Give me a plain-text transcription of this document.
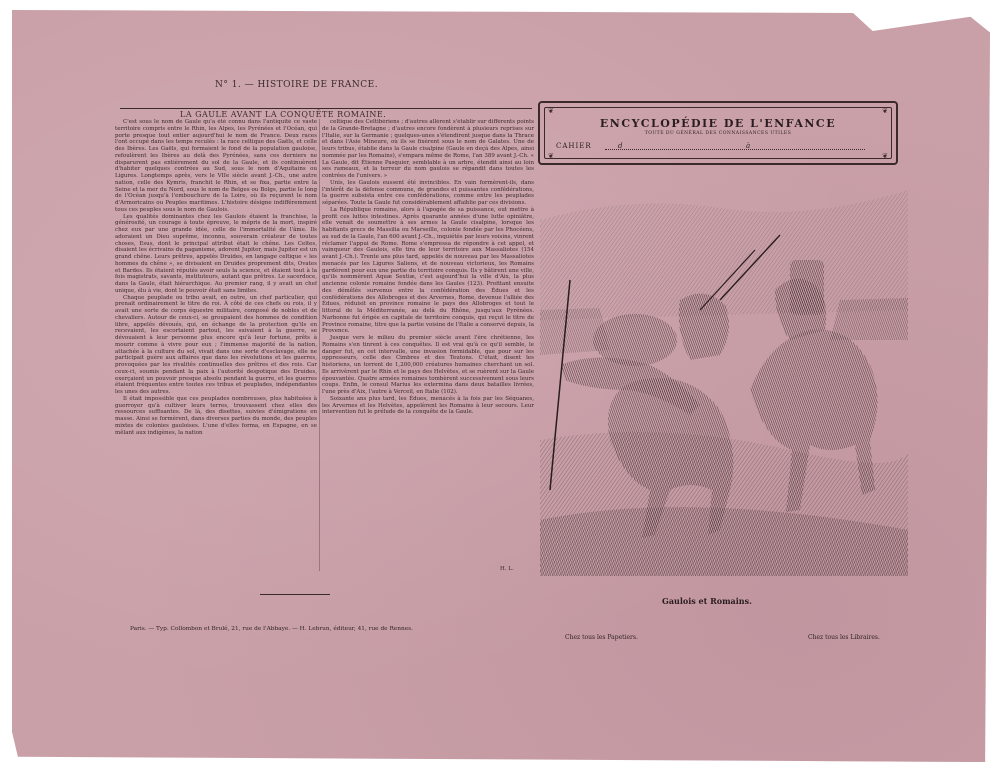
N° 1. — HISTOIRE DE FRANCE.
LA GAULE AVANT LA CONQUÊTE ROMAINE.

C'est sous le nom de Gaule qu'a été connu dans l'antiquité ce vaste territoire compris entre le Rhin, les Alpes, les Pyrénées et l'Océan, qui porte presque tout entier aujourd'hui le nom de France. Deux races l'ont occupé dans les temps reculés : la race celtique des Gaëls, et celle des Ibères. Les Gaëls, qui formaient le fond de la population gauloise, refoulèrent les Ibères au delà des Pyrénées, sans ces derniers ne disparurent pas entièrement du sol de la Gaule, et ils continuèrent d'habiter quelques contrées au Sud, sous le nom d'Aquitains ou Ligures. Longtemps après, vers le VIIe siècle avant J.-Ch., une autre nation, celle des Kymris, franchit le Rhin, et se fixa, partie entre la Seine et la mer du Nord, sous le nom de Belges ou Bolgs, partie le long de l'Océan jusqu'à l'embouchure de la Loire, où ils reçurent le nom d'Armoricains ou Peuples maritimes. L'histoire désigne indifféremment tous ces peuples sous le nom de Gaulois.

Les qualités dominantes chez les Gaulois étaient la franchise, la générosité, un courage à toute épreuve, le mépris de la mort, inspiré chez eux par une grande idée, celle de l'immortalité de l'âme. Ils adoraient un Dieu suprême, inconnu, souverain créateur de toutes choses, Esus, dont le principal attribut était le chêne. Les Celtes, disaient les écrivains du paganisme, adorent Jupiter, mais Jupiter est un grand chêne. Leurs prêtres, appelés Druides, en langage celtique « les hommes du chêne », se divisaient en Druides proprement dits, Ovates et Bardes. Ils étaient réputés avoir seuls la science, et étaient tout à la fois magistrats, savants, instituteurs, autant que prêtres. Le sacerdoce, dans la Gaule, était hiérarchique. Au premier rang, il y avait un chef unique, élu à vie, dont le pouvoir était sans limites.

Chaque peuplade ou tribu avait, en outre, un chef particulier, qui prenait ordinairement le titre de roi. À côté de ces chefs ou rois, il y avait une sorte de corps équestre militaire, composé de nobles et de chevaliers. Autour de ceux-ci, se groupaient des hommes de condition libre, appelés dévoués, qui, en échange de la protection qu'ils en recevaient, les escortaient partout, les suivaient à la guerre, se dévouaient à leur personne plus encore qu'à leur fortune, prêts à mourir comme à vivre pour eux ; l'immense majorité de la nation, attachée à la culture du sol, vivait dans une sorte d'esclavage, elle ne participait guère aux affaires que dans les révolutions et les guerres, provoquées par les rivalités continuelles des prêtres et des rois. Car ceux-ci, soumis pendant la paix à l'autorité despotique des Druides, exerçaient un pouvoir presque absolu pendant la guerre, et les guerres étaient fréquentes entre toutes ces tribus et peuplades, indépendantes les unes des autres.

Il était impossible que ces peuplades nombreuses, plus habituées à guerroyer qu'à cultiver leurs terres, trouvassent chez elles des ressources suffisantes. De là, des disettes, suivies d'émigrations en masse. Ainsi se formèrent, dans diverses parties du monde, des peuples mixtes de colonies gauloises. L'une d'elles forma, en Espagne, en se mêlant aux indigènes, la nation

celtique des Celtibériens ; d'autres allèrent s'établir sur différents points de la Grande-Bretagne ; d'autres encore fondèrent à plusieurs reprises sur l'Italie, sur la Germanie ; quelques-unes s'étendirent jusque dans la Thrace et dans l'Asie Mineure, où ils se fixèrent sous le nom de Galates. Une de leurs tribus, établie dans la Gaule cisalpine (Gaule en deçà des Alpes, ainsi nommée par les Romains), s'empara même de Rome, l'an 389 avant J.-Ch. « La Gaule, dit Étienne Pasquier, semblable à un arbre, étendit ainsi au loin ses rameaux, et la terreur du nom gaulois se répandit dans toutes les contrées de l'univers. »

Unis, les Gaulois eussent été invincibles. En vain formèrent-ils, dans l'intérêt de la défense commune, de grandes et puissantes confédérations, la guerre subsista entre ces confédérations, comme entre les peuplades séparées. Toute la Gaule fut considérablement affaiblie par ces divisions.

La République romaine, alors à l'apogée de sa puissance, eut mettre à profit ces luttes intestines. Après quarante années d'une lutte opiniâtre, elle venait de soumettre à ses armes la Gaule cisalpine, lorsque les habitants grecs de Massilia ou Marseille, colonie fondée par les Phocéens, au sud de la Gaule, l'an 600 avant J.-Ch., inquiétés par leurs voisins, vinrent réclamer l'appui de Rome. Rome s'empressa de répondre à cet appel, et vainqueur des Gaulois, elle tira de leur territoire aux Massaliotes (154 avant J.-Ch.). Trente ans plus tard, appelés de nouveau par les Massaliotes menacés par les Ligures Saliens, et de nouveau victorieux, les Romains gardèrent pour eux une partie du territoire conquis. Ils y bâtirent une ville, qu'ils nommèrent Aquæ Sextiæ, c'est aujourd'hui la ville d'Aix, la plus ancienne colonie romaine fondée dans les Gaules (123). Profitant ensuite des démêlés survenus entre la confédération des Édues et les confédérations des Allobroges et des Arvernes, Rome, devenue l'alliée des Édues, réduisit en province romaine le pays des Allobroges et tout le littoral de la Méditerranée, au delà du Rhône, jusqu'aux Pyrénées. Narbonne fut érigée en capitale de territoire conquis, qui reçut le titre de Province romaine, titre que la partie voisine de l'Italie a conservé depuis, la Provence.

Jusque vers le milieu du premier siècle avant l'ère chrétienne, les Romains s'en tinrent à ces conquêtes. Il est vrai qu'à ce qu'il semble, le danger fut, en cet intervalle, une invasion formidable, que pour sur les oppresseurs, celle des Cimbres et des Teutons. C'était, disent les historiens, un torrent de 1,200,000 créatures humaines cherchant un sol. Ils arrivèrent par le Rhin et le pays des Helvètes, et se ruèrent sur la Gaule épouvantée. Quatre armées romaines tombèrent successivement sous leurs coups. Enfin, le consul Marius les extermina dans deux batailles livrées, l'une près d'Aix, l'autre à Verceil, en Italie (102).

Soixante ans plus tard, les Édues, menacés à la fois par les Séquanes, les Arvernes et les Helvètes, appelèrent les Romains à leur secours. Leur intervention fut le prélude de la conquête de la Gaule.

H. L.
❦	❦
❦	❦
ENCYCLOPÉDIE DE L'ENFANCE
TOUTE DU GÉNÉRAL DES CONNAISSANCES UTILES
CAHIER	d	à
Gaulois et Romains.
Paris. — Typ. Collombon et Brulé, 21, rue de l'Abbaye. — H. Lebrun, éditeur, 41, rue de Rennes.
Chez tous les Papetiers.	Chez tous les Libraires.
